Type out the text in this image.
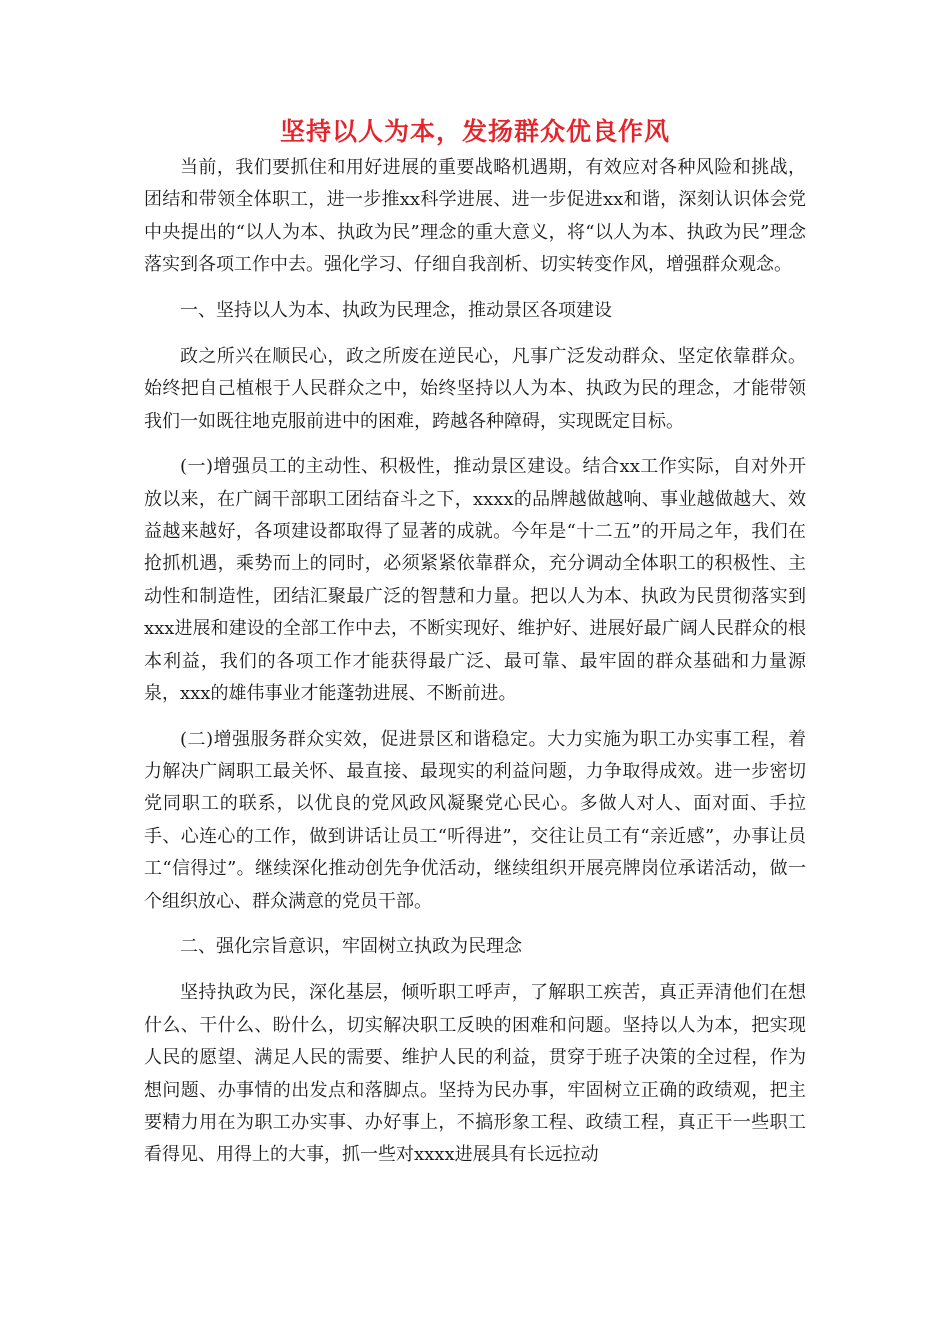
坚持以人为本，发扬群众优良作风

当前，我们要抓住和用好进展的重要战略机遇期，有效应对各种风险和挑战，团结和带领全体职工，进一步推xx科学进展、进一步促进xx和谐，深刻认识体会党中央提出的“以人为本、执政为民”理念的重大意义，将“以人为本、执政为民”理念落实到各项工作中去。强化学习、仔细自我剖析、切实转变作风，增强群众观念。

一、坚持以人为本、执政为民理念，推动景区各项建设

政之所兴在顺民心，政之所废在逆民心，凡事广泛发动群众、坚定依靠群众。始终把自己植根于人民群众之中，始终坚持以人为本、执政为民的理念，才能带领我们一如既往地克服前进中的困难，跨越各种障碍，实现既定目标。

(一)增强员工的主动性、积极性，推动景区建设。结合xx工作实际，自对外开放以来，在广阔干部职工团结奋斗之下，xxxx的品牌越做越响、事业越做越大、效益越来越好，各项建设都取得了显著的成就。今年是“十二五”的开局之年，我们在抢抓机遇，乘势而上的同时，必须紧紧依靠群众，充分调动全体职工的积极性、主动性和制造性，团结汇聚最广泛的智慧和力量。把以人为本、执政为民贯彻落实到xxx进展和建设的全部工作中去，不断实现好、维护好、进展好最广阔人民群众的根本利益，我们的各项工作才能获得最广泛、最可靠、最牢固的群众基础和力量源泉，xxx的雄伟事业才能蓬勃进展、不断前进。

(二)增强服务群众实效，促进景区和谐稳定。大力实施为职工办实事工程，着力解决广阔职工最关怀、最直接、最现实的利益问题，力争取得成效。进一步密切党同职工的联系，以优良的党风政风凝聚党心民心。多做人对人、面对面、手拉手、心连心的工作，做到讲话让员工“听得进”，交往让员工有“亲近感”，办事让员工“信得过”。继续深化推动创先争优活动，继续组织开展亮牌岗位承诺活动，做一个组织放心、群众满意的党员干部。

二、强化宗旨意识，牢固树立执政为民理念

坚持执政为民，深化基层，倾听职工呼声，了解职工疾苦，真正弄清他们在想什么、干什么、盼什么，切实解决职工反映的困难和问题。坚持以人为本，把实现人民的愿望、满足人民的需要、维护人民的利益，贯穿于班子决策的全过程，作为想问题、办事情的出发点和落脚点。坚持为民办事，牢固树立正确的政绩观，把主要精力用在为职工办实事、办好事上，不搞形象工程、政绩工程，真正干一些职工看得见、用得上的大事，抓一些对xxxx进展具有长远拉动
